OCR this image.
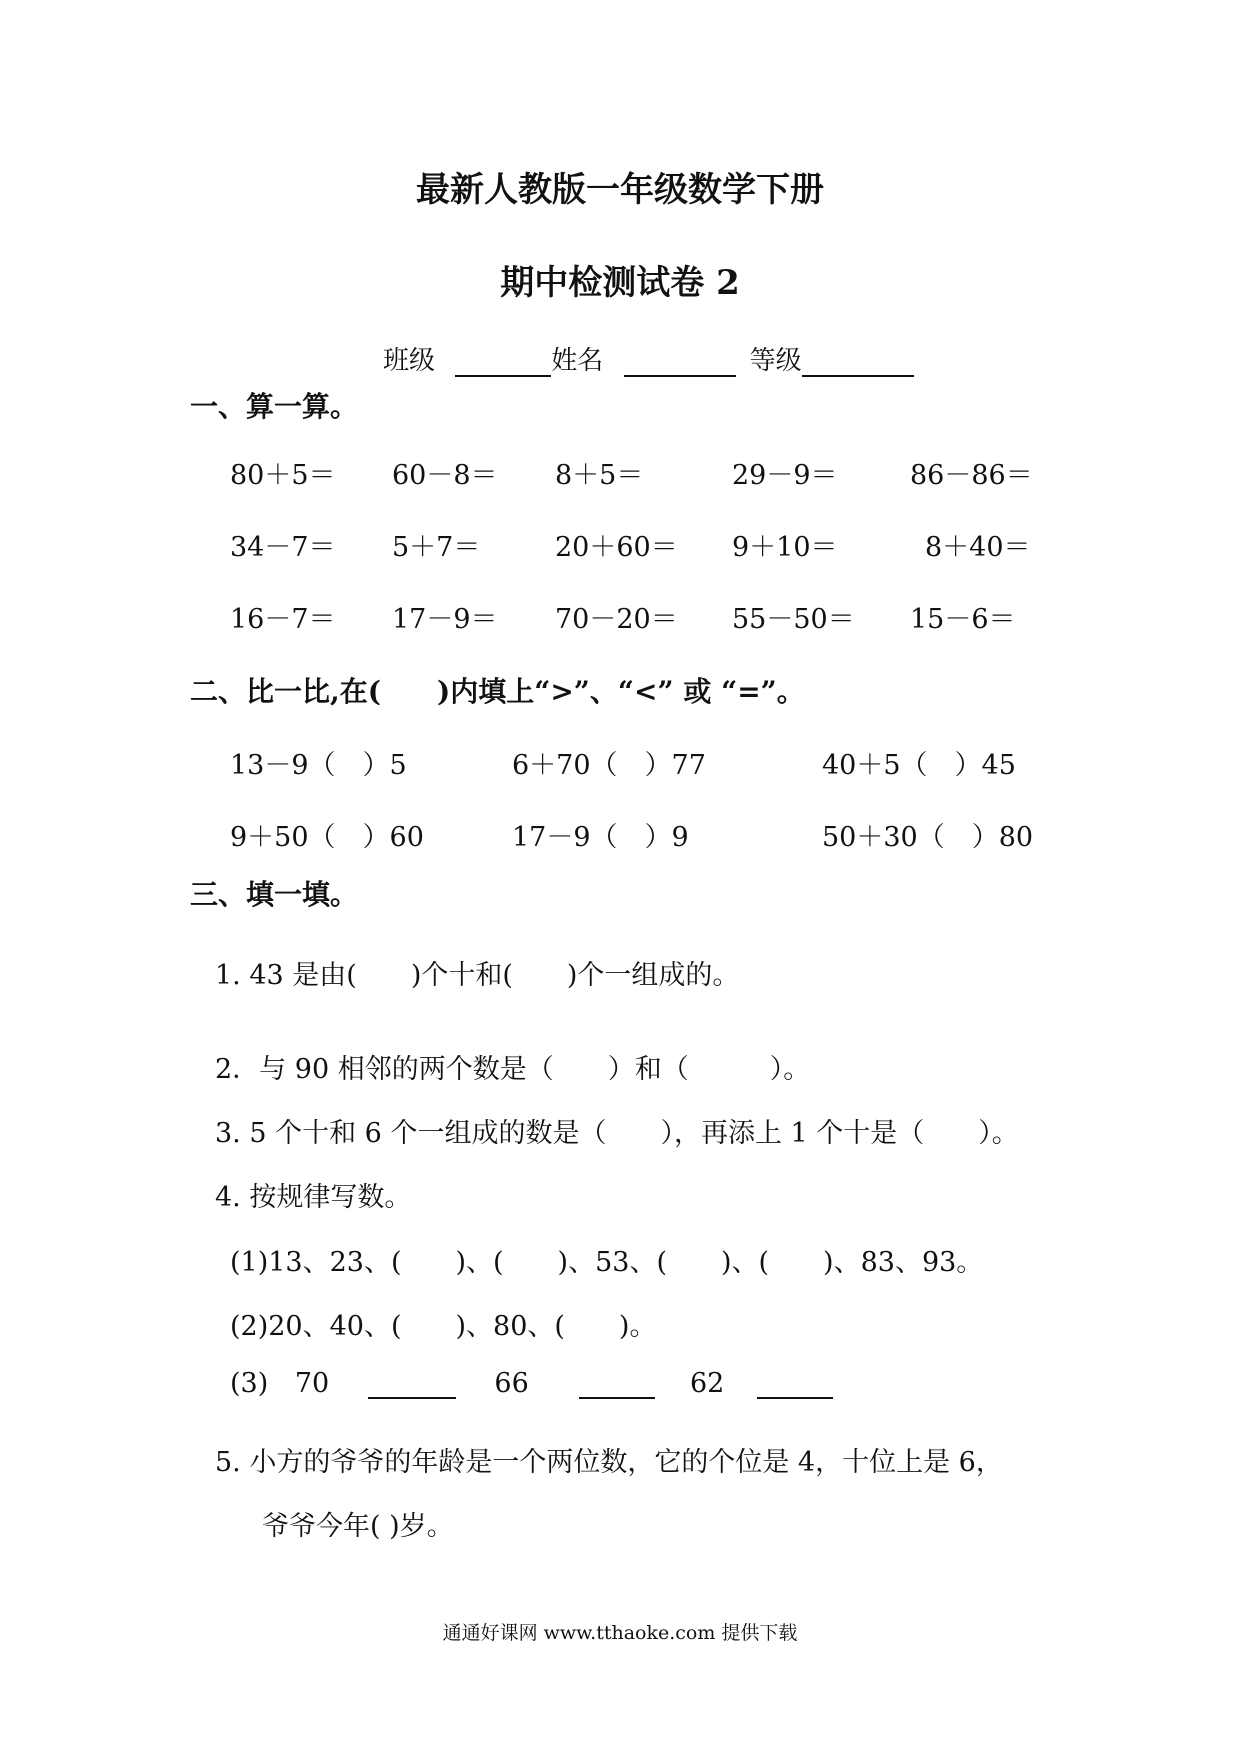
最新人教版一年级数学下册
期中检测试卷 2
班级	姓名	等级
一、算一算。
80＋5＝ 60－8＝ 8＋5＝	29－9＝	86－86＝
34－7＝ 5＋7＝	20＋60＝ 9＋10＝	8＋40＝
16－7＝ 17－9＝ 70－20＝ 55－50＝ 15－6＝
二、比一比,在(　　)内填上“>”、“<” 或 “=”。
13－9（　）5	6＋70（　）77	40＋5（　）45
9＋50（　）60	17－9（　）9	50＋30（　）80
三、填一填。
1. 43 是由(　　)个十和(　　)个一组成的。
2．与 90 相邻的两个数是（　　）和（　　　）。
3. 5 个十和 6 个一组成的数是（　　），再添上 1 个十是（　　）。
4. 按规律写数。
(1)13、23、(　　)、(　　)、53、(　　)、(　　)、83、93。
(2)20、40、(　　)、80、(　　)。
(3) 70	66	62
5. 小方的爷爷的年龄是一个两位数，它的个位是 4，十位上是 6，
爷爷今年( )岁。
通通好课网 www.tthaoke.com 提供下载
